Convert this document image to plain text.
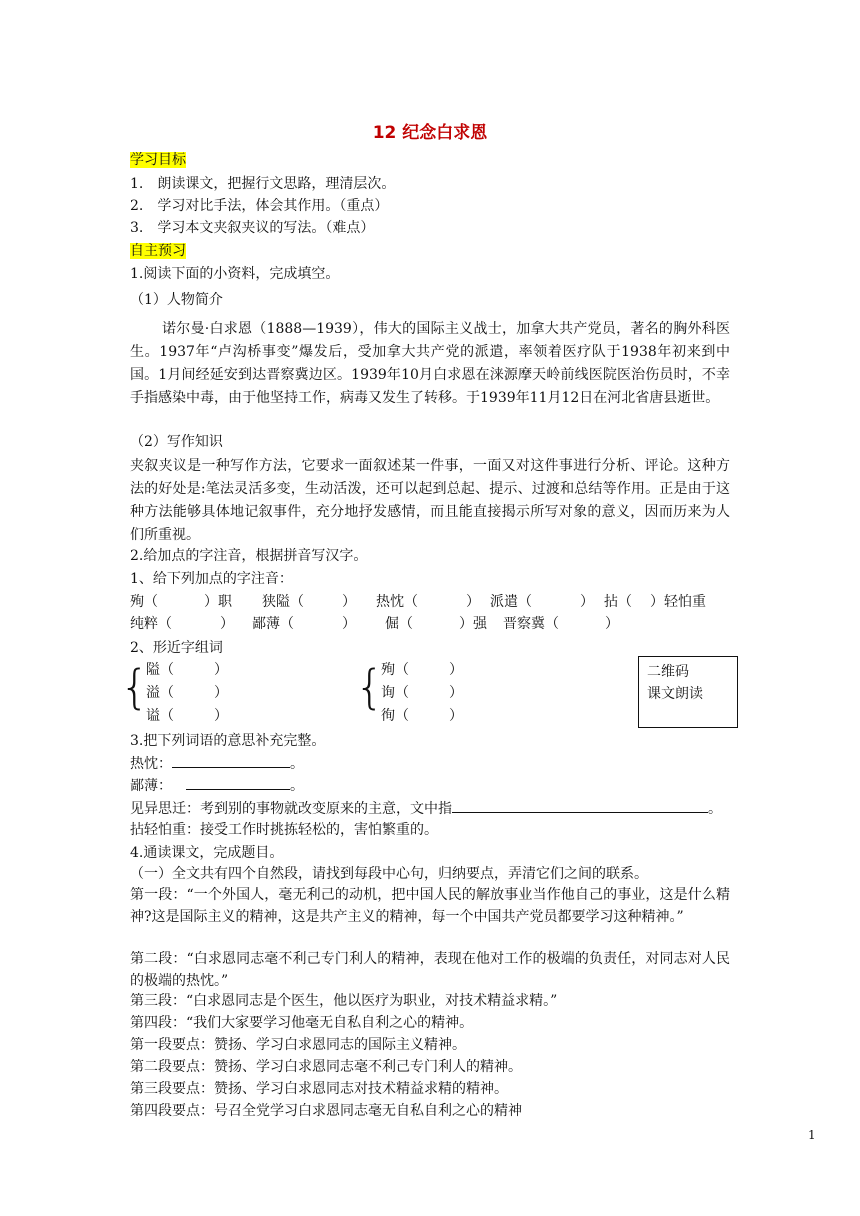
12 纪念白求恩
学习目标
1.　朗读课文，把握行文思路，理清层次。
2.　学习对比手法，体会其作用。（重点）
3.　学习本文夹叙夹议的写法。（难点）
自主预习
1.阅读下面的小资料，完成填空。
（1）人物简介
诺尔曼·白求恩（1888—1939），伟大的国际主义战士，加拿大共产党员，著名的胸外科医生。1937年“卢沟桥事变”爆发后，受加拿大共产党的派遣，率领着医疗队于1938年初来到中国。1月间经延安到达晋察冀边区。1939年10月白求恩在涞源摩天岭前线医院医治伤员时，不幸手指感染中毒，由于他坚持工作，病毒又发生了转移。于1939年11月12日在河北省唐县逝世。
（2）写作知识
夹叙夹议是一种写作方法，它要求一面叙述某一件事，一面又对这件事进行分析、评论。这种方法的好处是:笔法灵活多变，生动活泼，还可以起到总起、提示、过渡和总结等作用。正是由于这种方法能够具体地记叙事件，充分地抒发感情，而且能直接揭示所写对象的意义，因而历来为人们所重视。
2.给加点的字注音，根据拼音写汉字。
1、给下列加点的字注音：
殉（	）职 狭隘（	） 热忱（	） 派遣（	） 拈（ ）轻怕重
纯粹（	） 鄙薄（	） 倔（	）强 晋察冀（	）
2、形近字组词
{
隘（	）
溢（	）
谥（	）
{
殉（	）
询（	）
徇（	）
二维码
课文朗读
3.把下列词语的意思补充完整。
热忱：	。
鄙薄：	。
见异思迁：考到别的事物就改变原来的主意，文中指	。
拈轻怕重：接受工作时挑拣轻松的，害怕繁重的。
4.通读课文，完成题目。
（一）全文共有四个自然段，请找到每段中心句，归纳要点，弄清它们之间的联系。
第一段：“一个外国人，毫无利己的动机，把中国人民的解放事业当作他自己的事业，这是什么精神?这是国际主义的精神，这是共产主义的精神，每一个中国共产党员都要学习这种精神。”
第二段：“白求恩同志毫不利己专门利人的精神，表现在他对工作的极端的负责任，对同志对人民的极端的热忱。”
第三段：“白求恩同志是个医生，他以医疗为职业，对技术精益求精。”
第四段：“我们大家要学习他毫无自私自利之心的精神。
第一段要点：赞扬、学习白求恩同志的国际主义精神。
第二段要点：赞扬、学习白求恩同志毫不利己专门利人的精神。
第三段要点：赞扬、学习白求恩同志对技术精益求精的精神。
第四段要点：号召全党学习白求恩同志毫无自私自利之心的精神
1
